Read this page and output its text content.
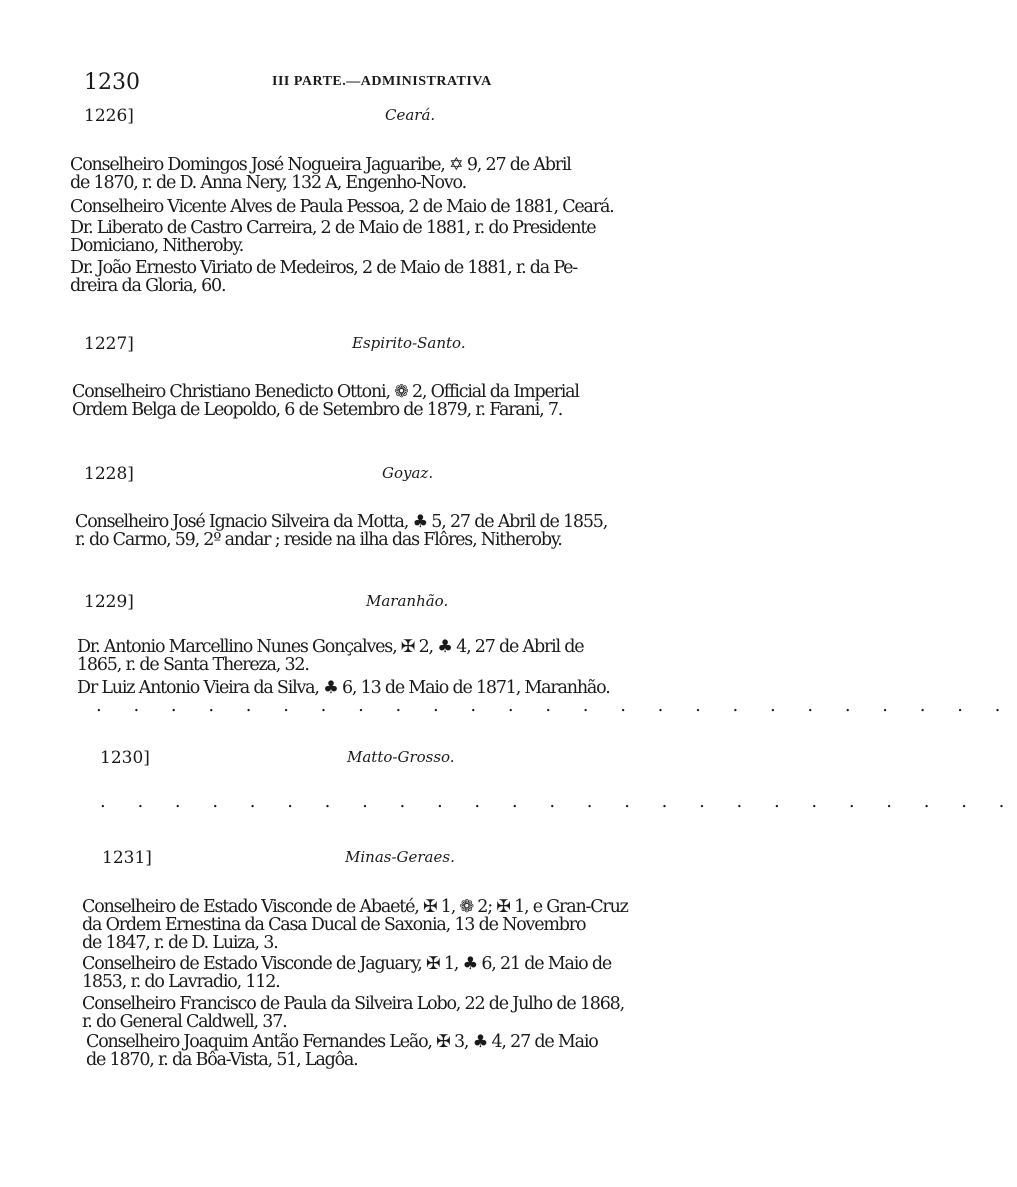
1230	III PARTE.—ADMINISTRATIVA
1226]	Ceará.
Conselheiro Domingos José Nogueira Jaguaribe, ✡ 9, 27 de Abril
de 1870, r. de D. Anna Nery, 132 A, Engenho-Novo.
Conselheiro Vicente Alves de Paula Pessoa, 2 de Maio de 1881, Ceará.
Dr. Liberato de Castro Carreira, 2 de Maio de 1881, r. do Presidente
Domiciano, Nitheroby.
Dr. João Ernesto Viriato de Medeiros, 2 de Maio de 1881, r. da Pe-
dreira da Gloria, 60.
1227]	Espirito-Santo.
Conselheiro Christiano Benedicto Ottoni, ❁ 2, Official da Imperial
Ordem Belga de Leopoldo, 6 de Setembro de 1879, r. Farani, 7.
1228]	Goyaz.
Conselheiro José Ignacio Silveira da Motta, ♣ 5, 27 de Abril de 1855,
r. do Carmo, 59, 2º andar ; reside na ilha das Flôres, Nitheroby.
1229]	Maranhão.
Dr. Antonio Marcellino Nunes Gonçalves, ✠ 2, ♣ 4, 27 de Abril de
1865, r. de Santa Thereza, 32.
Dr Luiz Antonio Vieira da Silva, ♣ 6, 13 de Maio de 1871, Maranhão.
. . . . . . . . . . . . . . . . . . . . . . . . .
1230]	Matto-Grosso.
. . . . . . . . . . . . . . . . . . . . . . . . .
1231]	Minas-Geraes.
Conselheiro de Estado Visconde de Abaeté, ✠ 1, ❁ 2; ✠ 1, e Gran-Cruz
da Ordem Ernestina da Casa Ducal de Saxonia, 13 de Novembro
de 1847, r. de D. Luiza, 3.
Conselheiro de Estado Visconde de Jaguary, ✠ 1, ♣ 6, 21 de Maio de
1853, r. do Lavradio, 112.
Conselheiro Francisco de Paula da Silveira Lobo, 22 de Julho de 1868,
r. do General Caldwell, 37.
Conselheiro Joaquim Antão Fernandes Leão, ✠ 3, ♣ 4, 27 de Maio
de 1870, r. da Bôa-Vista, 51, Lagôa.
